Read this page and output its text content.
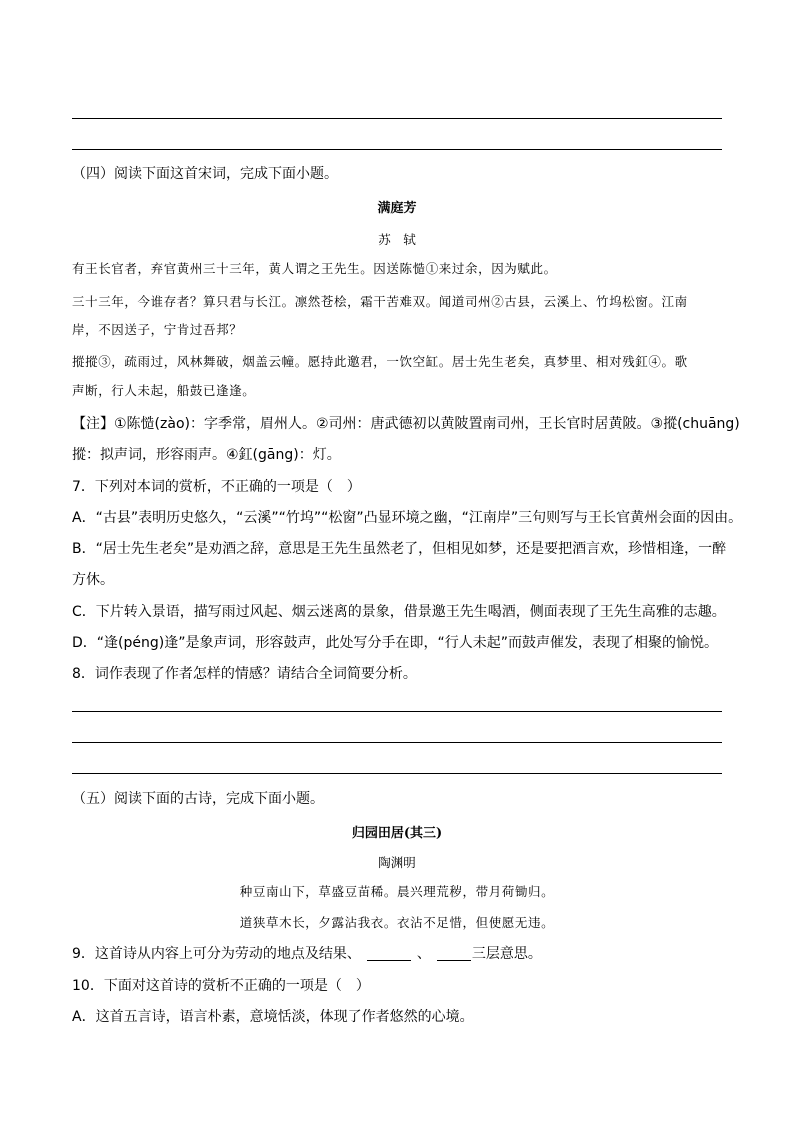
（四）阅读下面这首宋词，完成下面小题。
满庭芳
苏　轼
有王长官者，弃官黄州三十三年，黄人谓之王先生。因送陈慥①来过余，因为赋此。
三十三年，今谁存者？算只君与长江。凛然苍桧，霜干苦难双。闻道司州②古县，云溪上、竹坞松窗。江南
岸，不因送子，宁肯过吾邦？
摐摐③，疏雨过，风林舞破，烟盖云幢。愿持此邀君，一饮空缸。居士先生老矣，真梦里、相对残釭④。歌
声断，行人未起，船鼓已逢逢。
【注】①陈慥(zào)：字季常，眉州人。②司州：唐武德初以黄陂置南司州，王长官时居黄陂。③摐(chuāng)
摐：拟声词，形容雨声。④釭(gāng)：灯。
7．下列对本词的赏析，不正确的一项是（　）
A．“古县”表明历史悠久，“云溪”“竹坞”“松窗”凸显环境之幽，“江南岸”三句则写与王长官黄州会面的因由。
B．“居士先生老矣”是劝酒之辞，意思是王先生虽然老了，但相见如梦，还是要把酒言欢，珍惜相逢，一醉
方休。
C．下片转入景语，描写雨过风起、烟云迷离的景象，借景邀王先生喝酒，侧面表现了王先生高雅的志趣。
D．“逢(péng)逢”是象声词，形容鼓声，此处写分手在即，“行人未起”而鼓声催发，表现了相聚的愉悦。
8．词作表现了作者怎样的情感？请结合全词简要分析。
（五）阅读下面的古诗，完成下面小题。
归园田居(其三)
陶渊明
种豆南山下，草盛豆苗稀。晨兴理荒秽，带月荷锄归。
道狭草木长，夕露沾我衣。衣沾不足惜，但使愿无违。
9．这首诗从内容上可分为劳动的地点及结果、	、	三层意思。
10．下面对这首诗的赏析不正确的一项是（　）
A．这首五言诗，语言朴素，意境恬淡，体现了作者悠然的心境。
